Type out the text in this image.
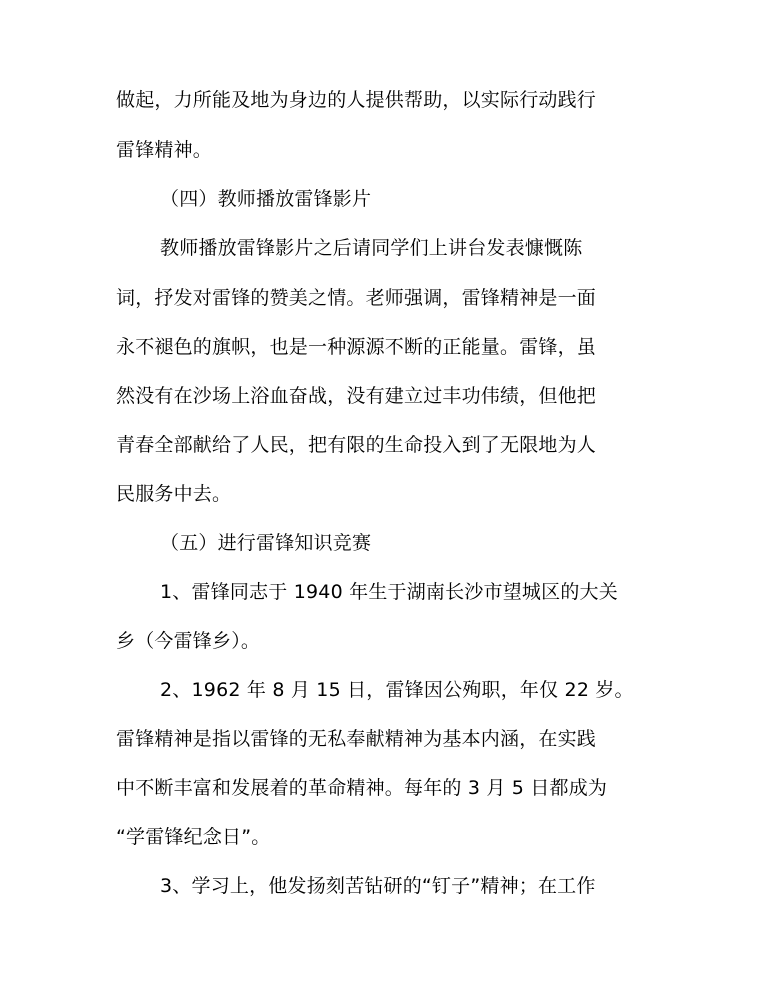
做起，力所能及地为身边的人提供帮助，以实际行动践行
雷锋精神。
（四）教师播放雷锋影片
教师播放雷锋影片之后请同学们上讲台发表慷慨陈
词，抒发对雷锋的赞美之情。老师强调，雷锋精神是一面
永不褪色的旗帜，也是一种源源不断的正能量。雷锋，虽
然没有在沙场上浴血奋战，没有建立过丰功伟绩，但他把
青春全部献给了人民，把有限的生命投入到了无限地为人
民服务中去。
（五）进行雷锋知识竞赛
1、雷锋同志于 1940 年生于湖南长沙市望城区的大关
乡（今雷锋乡）。
2、1962 年 8 月 15 日，雷锋因公殉职，年仅 22 岁。
雷锋精神是指以雷锋的无私奉献精神为基本内涵，在实践
中不断丰富和发展着的革命精神。每年的 3 月 5 日都成为
“学雷锋纪念日”。
3、学习上，他发扬刻苦钻研的“钉子”精神；在工作
